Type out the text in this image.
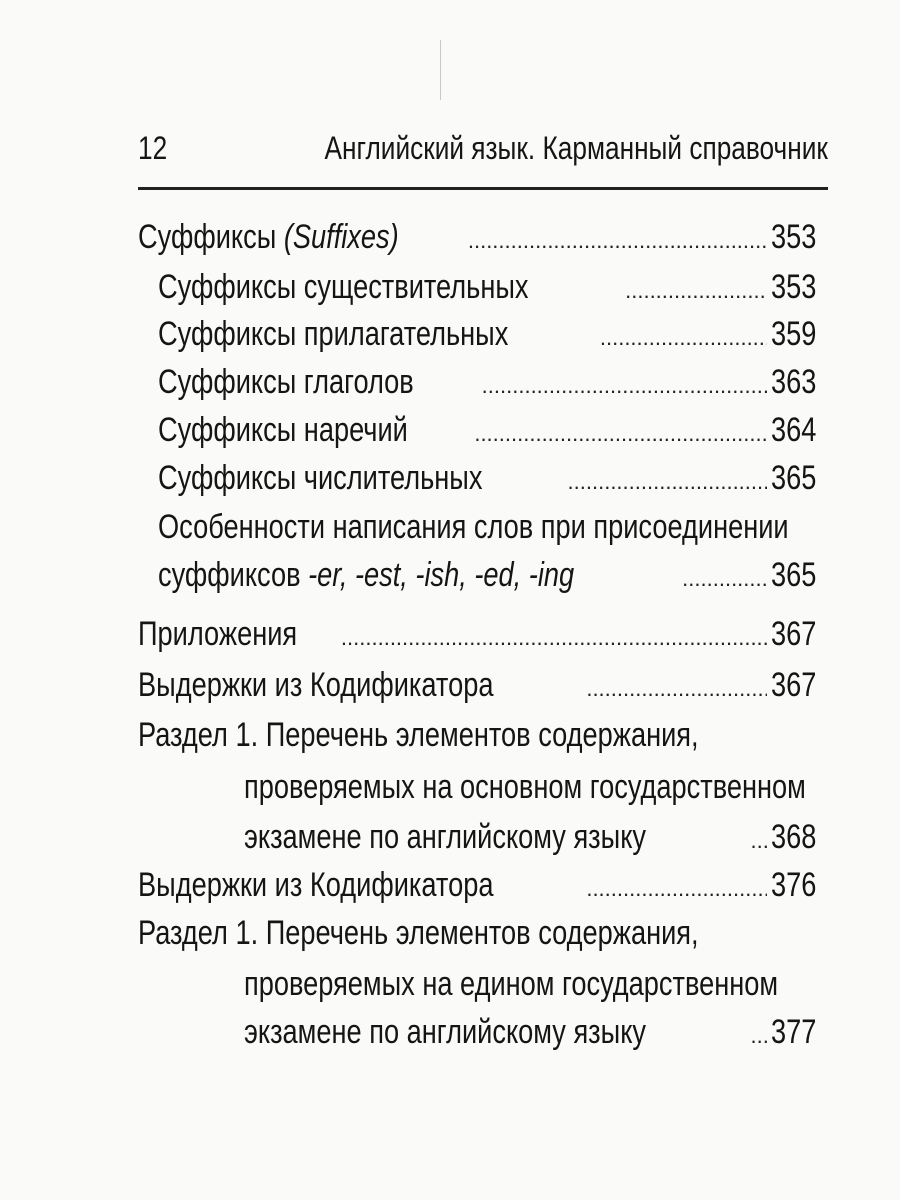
12	Английский язык. Карманный справочник
Суффиксы (Suffixes) .....	353
Суффиксы существительных .....	353
Суффиксы прилагательных .....	359
Суффиксы глаголов .....	363
Суффиксы наречий .....	364
Суффиксы числительных .....	365
Особенности написания слов при присоединении
суффиксов -er, -est, -ish, -ed, -ing .....	365
Приложения .....	367
Выдержки из Кодификатора .....	367
Раздел 1. Перечень элементов содержания,
проверяемых на основном государственном
экзамене по английскому языку .....	368
Выдержки из Кодификатора .....	376
Раздел 1. Перечень элементов содержания,
проверяемых на едином государственном
экзамене по английскому языку .....	377
